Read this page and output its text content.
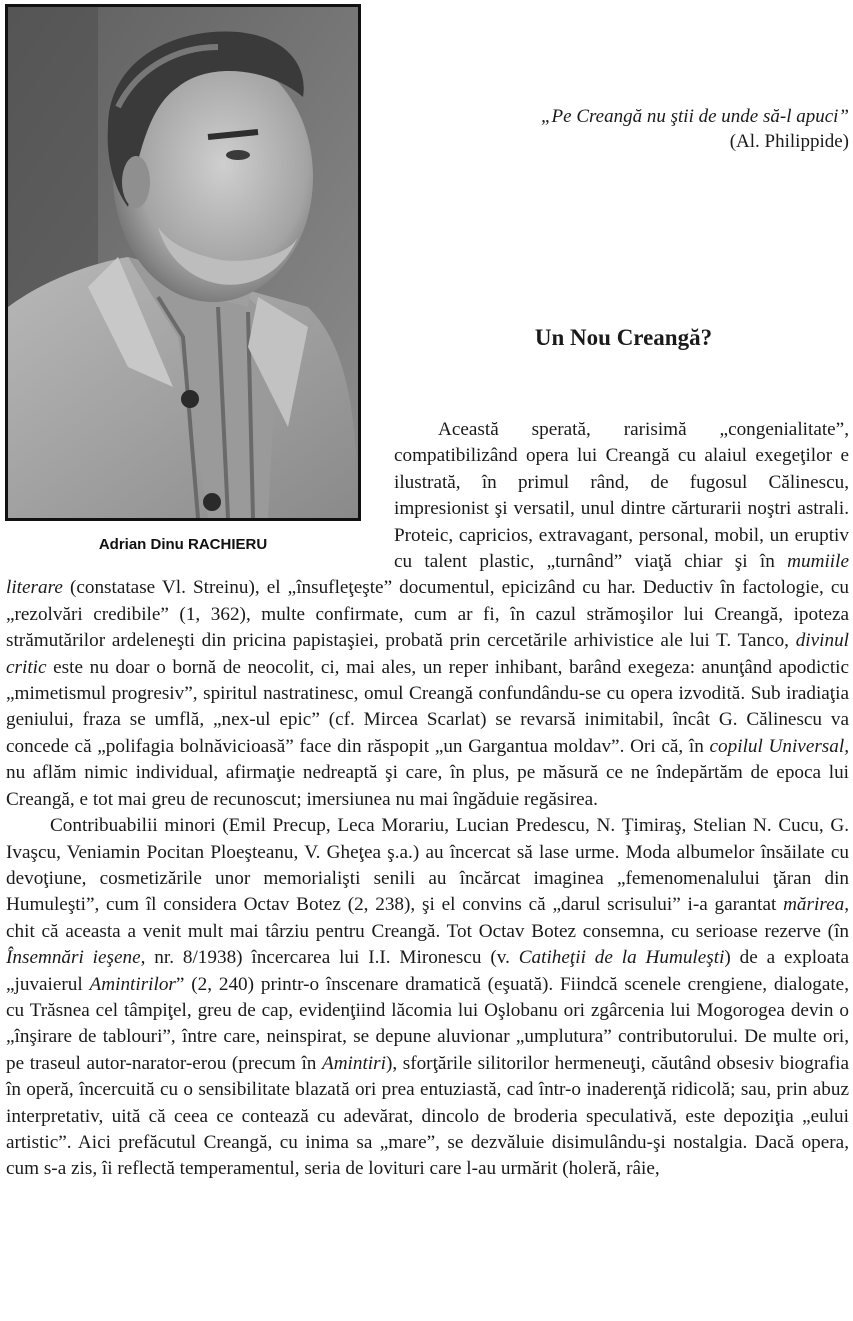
Adrian Dinu RACHIERU
„Pe Creangă nu ştii de unde să-l apuci”
(Al. Philippide)
Un Nou Creangă?

Această sperată, rarisimă „congenialitate”, compatibilizând opera lui Creangă cu alaiul exegeţilor e ilustrată, în primul rând, de fugosul Călinescu, impresionist şi versatil, unul dintre cărturarii noştri astrali. Proteic, capricios, extravagant, personal, mobil, un eruptiv cu talent plastic, „turnând” viaţă chiar şi în mumiile literare (constatase Vl. Streinu), el „însufleţeşte” documentul, epicizând cu har. Deductiv în factologie, cu „rezolvări credibile” (1, 362), multe confirmate, cum ar fi, în cazul strămoşilor lui Creangă, ipoteza strămutărilor ardeleneşti din pricina papistaşiei, probată prin cercetările arhivistice ale lui T. Tanco, divinul critic este nu doar o bornă de neocolit, ci, mai ales, un reper inhibant, barând exegeza: anunţând apodictic „mimetismul progresiv”, spiritul nastratinesc, omul Creangă confundându-se cu opera izvodită. Sub iradiaţia geniului, fraza se umflă, „nex-ul epic” (cf. Mircea Scarlat) se revarsă inimitabil, încât G. Călinescu va concede că „polifagia bolnăvicioasă” face din răspopit „un Gargantua moldav”. Ori că, în copilul Universal, nu aflăm nimic individual, afirmaţie nedreaptă şi care, în plus, pe măsură ce ne îndepărtăm de epoca lui Creangă, e tot mai greu de recunoscut; imersiunea nu mai îngăduie regăsirea.

Contribuabilii minori (Emil Precup, Leca Morariu, Lucian Predescu, N. Ţimiraş, Stelian N. Cucu, G. Ivaşcu, Veniamin Pocitan Ploeşteanu, V. Gheţea ş.a.) au încercat să lase urme. Moda albumelor însăilate cu devoţiune, cosmetizările unor memorialişti senili au încărcat imaginea „femenomenalului ţăran din Humuleşti”, cum îl considera Octav Botez (2, 238), şi el convins că „darul scrisului” i-a garantat mărirea, chit că aceasta a venit mult mai târziu pentru Creangă. Tot Octav Botez consemna, cu serioase rezerve (în Însemnări ieşene, nr. 8/1938) încercarea lui I.I. Mironescu (v. Catiheţii de la Humuleşti) de a exploata „juvaierul Amintirilor” (2, 240) printr-o înscenare dramatică (eşuată). Fiindcă scenele crengiene, dialogate, cu Trăsnea cel tâmpiţel, greu de cap, evidenţiind lăcomia lui Oşlobanu ori zgârcenia lui Mogorogea devin o „înşirare de tablouri”, între care, neinspirat, se depune aluvionar „umplutura” contributorului. De multe ori, pe traseul autor-narator-erou (precum în Amintiri), sforţările silitorilor hermeneuţi, căutând obsesiv biografia în operă, încercuită cu o sensibilitate blazată ori prea entuziastă, cad într-o inaderenţă ridicolă; sau, prin abuz interpretativ, uită că ceea ce contează cu adevărat, dincolo de broderia speculativă, este depoziţia „eului artistic”. Aici prefăcutul Creangă, cu inima sa „mare”, se dezvăluie disimulându-şi nostalgia. Dacă opera, cum s-a zis, îi reflectă temperamentul, seria de lovituri care l-au urmărit (holeră, râie,
